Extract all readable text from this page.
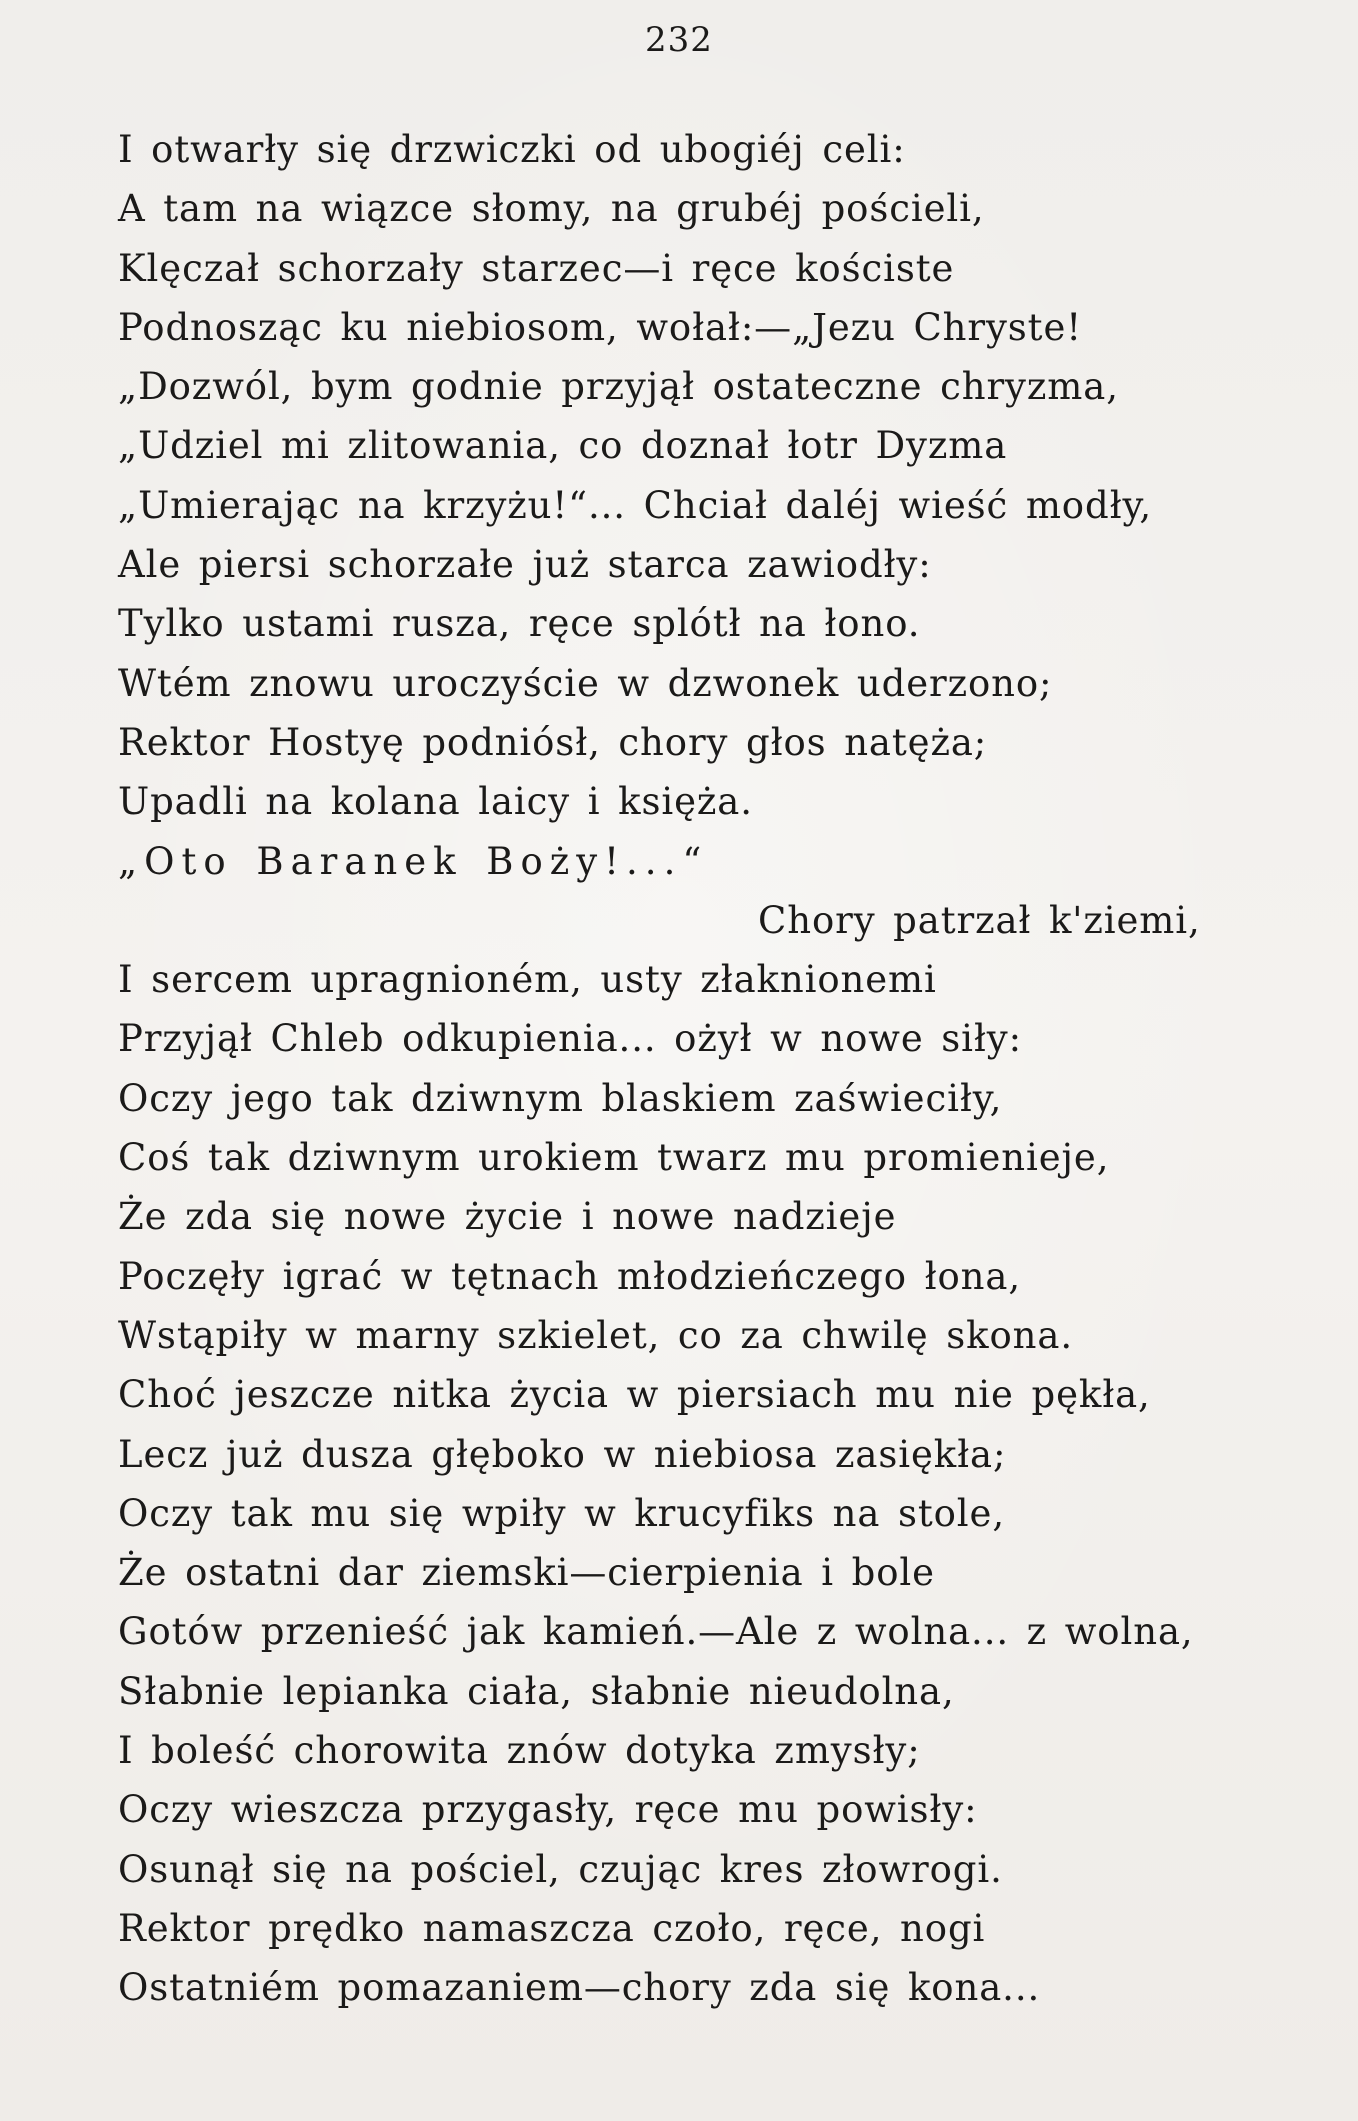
232
I otwarły się drzwiczki od ubogiéj celi:
A tam na wiązce słomy, na grubéj pościeli,
Klęczał schorzały starzec—i ręce kościste
Podnosząc ku niebiosom, wołał:—„Jezu Chryste!
„Dozwól, bym godnie przyjął ostateczne chryzma,
„Udziel mi zlitowania, co doznał łotr Dyzma
„Umierając na krzyżu!“... Chciał daléj wieść modły,
Ale piersi schorzałe już starca zawiodły:
Tylko ustami rusza, ręce splótł na łono.
Wtém znowu uroczyście w dzwonek uderzono;
Rektor Hostyę podniósł, chory głos natęża;
Upadli na kolana laicy i księża.
„Oto Baranek Boży!...“
Chory patrzał k'ziemi,
I sercem upragnioném, usty złaknionemi
Przyjął Chleb odkupienia... ożył w nowe siły:
Oczy jego tak dziwnym blaskiem zaświeciły,
Coś tak dziwnym urokiem twarz mu promienieje,
Że zda się nowe życie i nowe nadzieje
Poczęły igrać w tętnach młodzieńczego łona,
Wstąpiły w marny szkielet, co za chwilę skona.
Choć jeszcze nitka życia w piersiach mu nie pękła,
Lecz już dusza głęboko w niebiosa zasiękła;
Oczy tak mu się wpiły w krucyfiks na stole,
Że ostatni dar ziemski—cierpienia i bole
Gotów przenieść jak kamień.—Ale z wolna... z wolna,
Słabnie lepianka ciała, słabnie nieudolna,
I boleść chorowita znów dotyka zmysły;
Oczy wieszcza przygasły, ręce mu powisły:
Osunął się na pościel, czując kres złowrogi.
Rektor prędko namaszcza czoło, ręce, nogi
Ostatniém pomazaniem—chory zda się kona...
